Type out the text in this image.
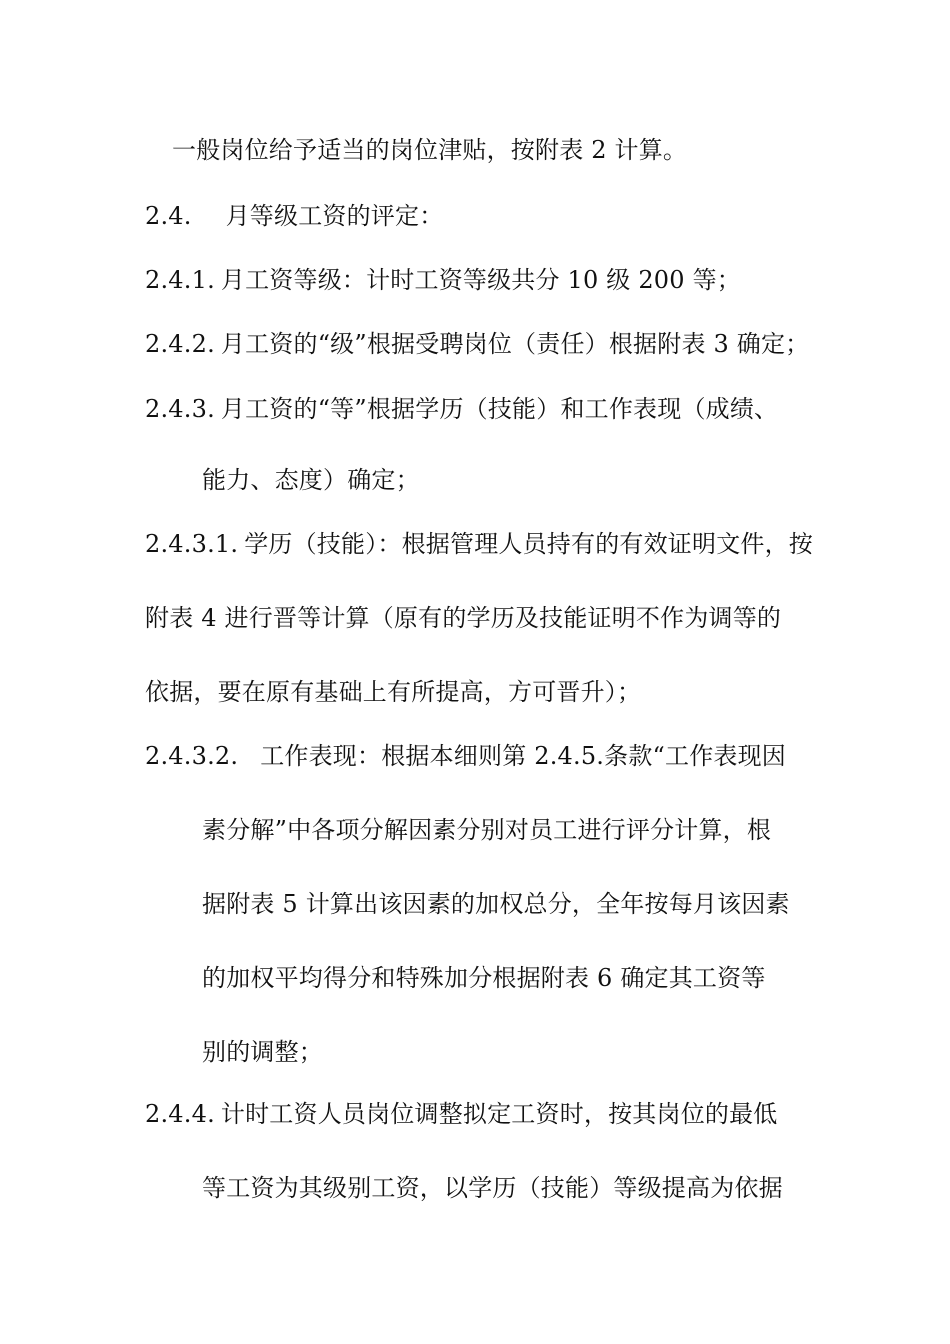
一般岗位给予适当的岗位津贴，按附表 2 计算。
2.4. 月等级工资的评定：
2.4.1. 月工资等级：计时工资等级共分 10 级 200 等；
2.4.2. 月工资的“级”根据受聘岗位（责任）根据附表 3 确定；
2.4.3. 月工资的“等”根据学历（技能）和工作表现（成绩、
能力、态度）确定；
2.4.3.1. 学历（技能）：根据管理人员持有的有效证明文件，按
附表 4 进行晋等计算（原有的学历及技能证明不作为调等的
依据，要在原有基础上有所提高，方可晋升）；
2.4.3.2. 工作表现：根据本细则第 2.4.5.条款“工作表现因
素分解”中各项分解因素分别对员工进行评分计算，根
据附表 5 计算出该因素的加权总分，全年按每月该因素
的加权平均得分和特殊加分根据附表 6 确定其工资等
别的调整；
2.4.4. 计时工资人员岗位调整拟定工资时，按其岗位的最低
等工资为其级别工资，以学历（技能）等级提高为依据
